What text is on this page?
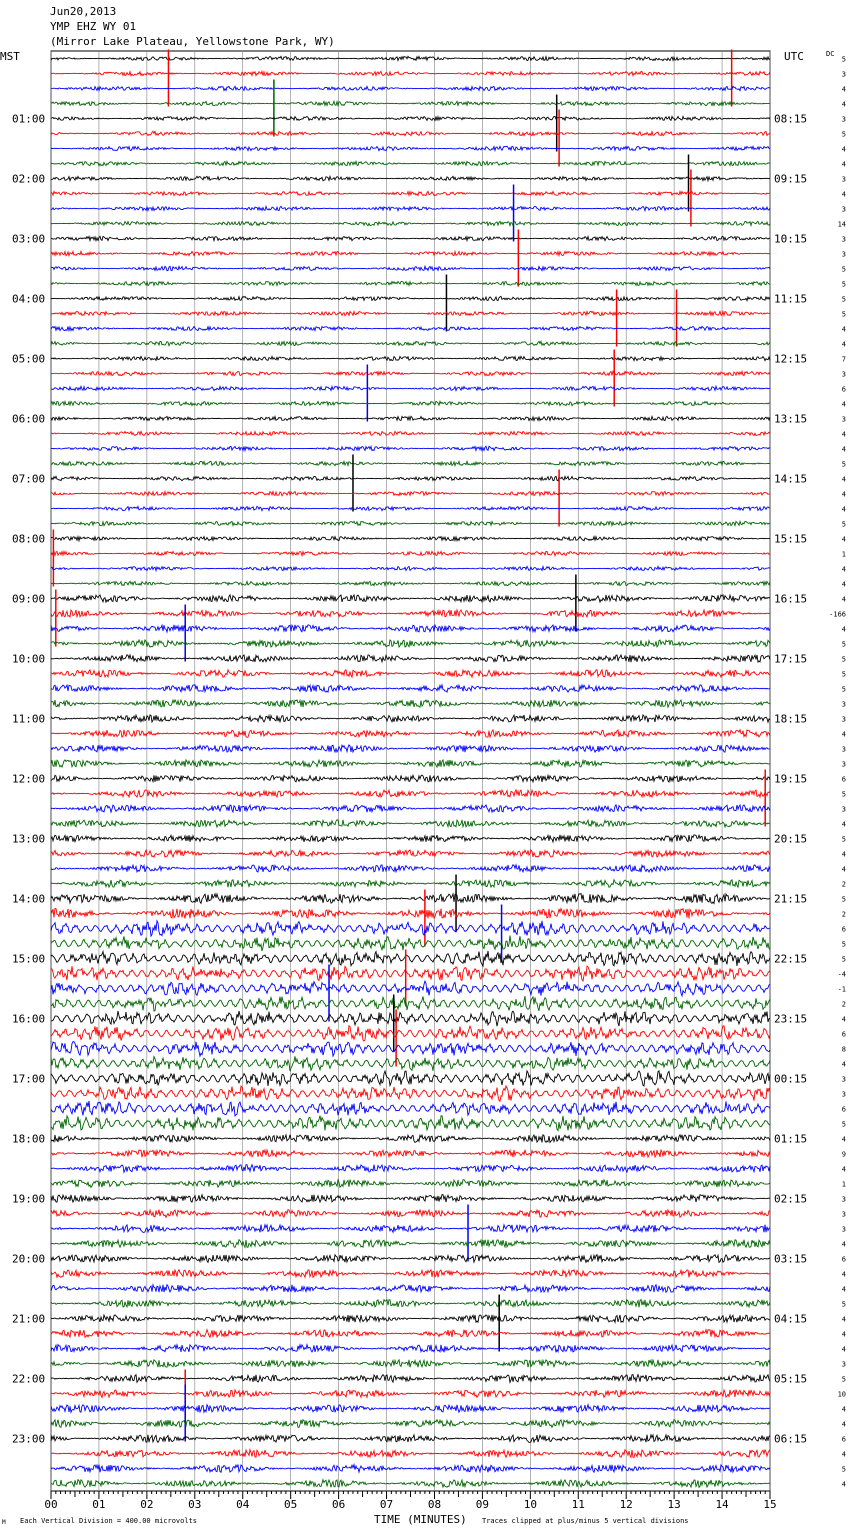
Jun20,2013
YMP EHZ WY 01
(Mirror Lake Plateau, Yellowstone Park, WY)
MST	UTC	DC
TIME (MINUTES)
Each Vertical Division = 400.00 microvolts	Traces clipped at plus/minus 5 vertical divisions
M
00	01	02	03	04	05	06	07	08	09	10	11	12	13	14	15
01:00
02:00
03:00
04:00
05:00
06:00
07:00
08:00
09:00
10:00
11:00
12:00
13:00
14:00
15:00
16:00
17:00
18:00
19:00
20:00
21:00
22:00
23:00
08:15
09:15
10:15
11:15
12:15
13:15
14:15
15:15
16:15
17:15
18:15
19:15
20:15
21:15
22:15
23:15
00:15
01:15
02:15
03:15
04:15
05:15
06:15
5
3
4
4
3
5
4
4
3
4
3
14
3
3
5
5
5
5
4
4
7
3
6
4
3
4
4
5
4
4
4
5
4
1
4
4
4
-166
4
5
5
5
5
3
3
4
3
3
6
5
3
4
5
4
4
2
5
2
6
5
5
-4
-1
2
4
6
8
4
3
3
6
5
4
9
4
1
3
3
3
4
6
4
4
5
4
4
4
3
5
10
4
4
6
4
5
4
